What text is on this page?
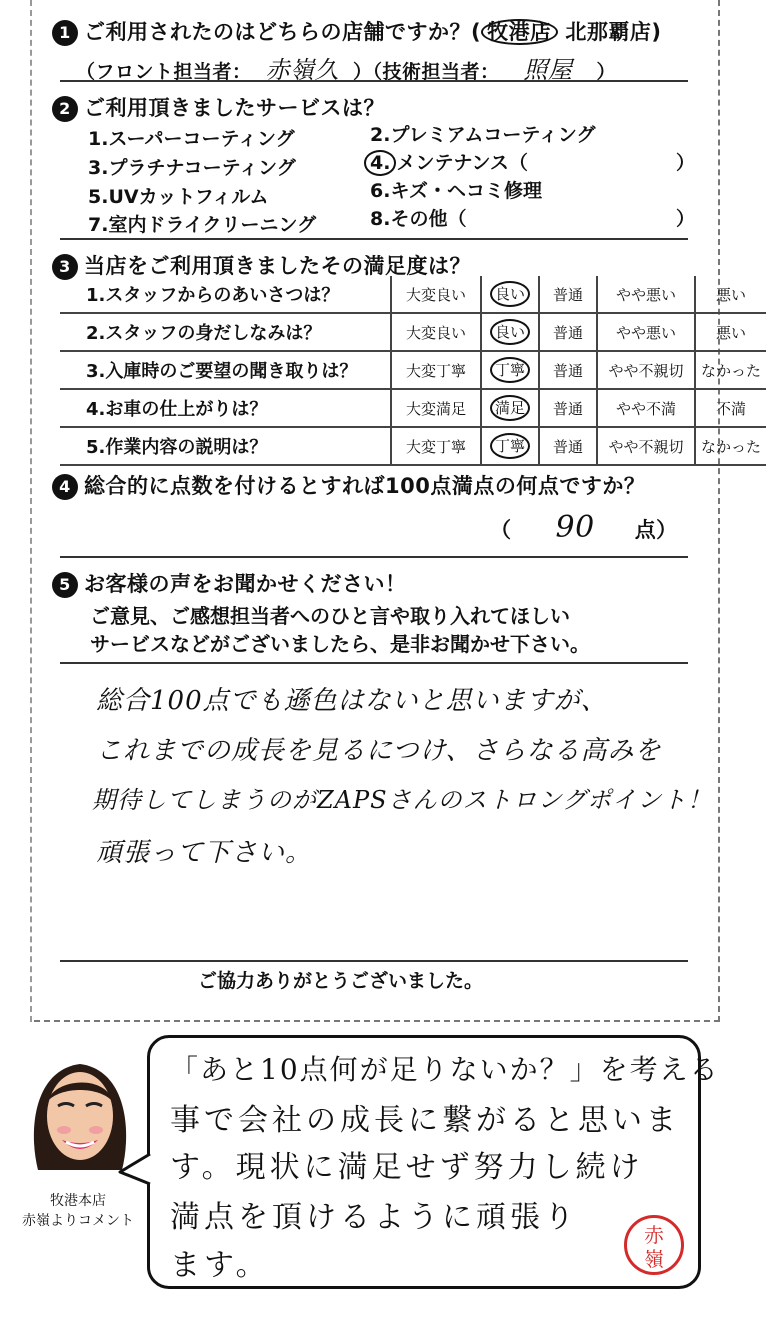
1 ご利用されたのはどちらの店舗ですか？( 牧港店 北那覇店)
（フロント担当者： 赤嶺久 ）（技術担当者： 照屋 ）
2 ご利用頂きましたサービスは？
1.スーパーコーティング	2.プレミアムコーティング
3.プラチナコーティング	4. メンテナンス（	）
5.UVカットフィルム	6.キズ・ヘコミ修理
7.室内ドライクリーニング	8.その他（	）
3 当店をご利用頂きましたその満足度は？
1.スタッフからのあいさつは？	大変良い	良い	普通	やや悪い	悪い
2.スタッフの身だしなみは？	大変良い	良い	普通	やや悪い	悪い
3.入庫時のご要望の聞き取りは？	大変丁寧	丁寧	普通	やや不親切	なかった
4.お車の仕上がりは？	大変満足	満足	普通	やや不満	不満
5.作業内容の説明は？	大変丁寧	丁寧	普通	やや不親切	なかった
4 総合的に点数を付けるとすれば100点満点の何点ですか？
（ 90 点）
5 お客様の声をお聞かせください！
ご意見、ご感想担当者へのひと言や取り入れてほしい
サービスなどがございましたら、是非お聞かせ下さい。
総合100点でも遜色はないと思いますが、
これまでの成長を見るにつけ、さらなる高みを
期待してしまうのがZAPSさんのストロングポイント！
頑張って下さい。
ご協力ありがとうございました。
牧港本店
赤嶺よりコメント
「あと10点何が足りないか？」を考える
事で会社の成長に繋がると思いま
す。現状に満足せず努力し続け
満点を頂けるように頑張り
ます。
赤
嶺
